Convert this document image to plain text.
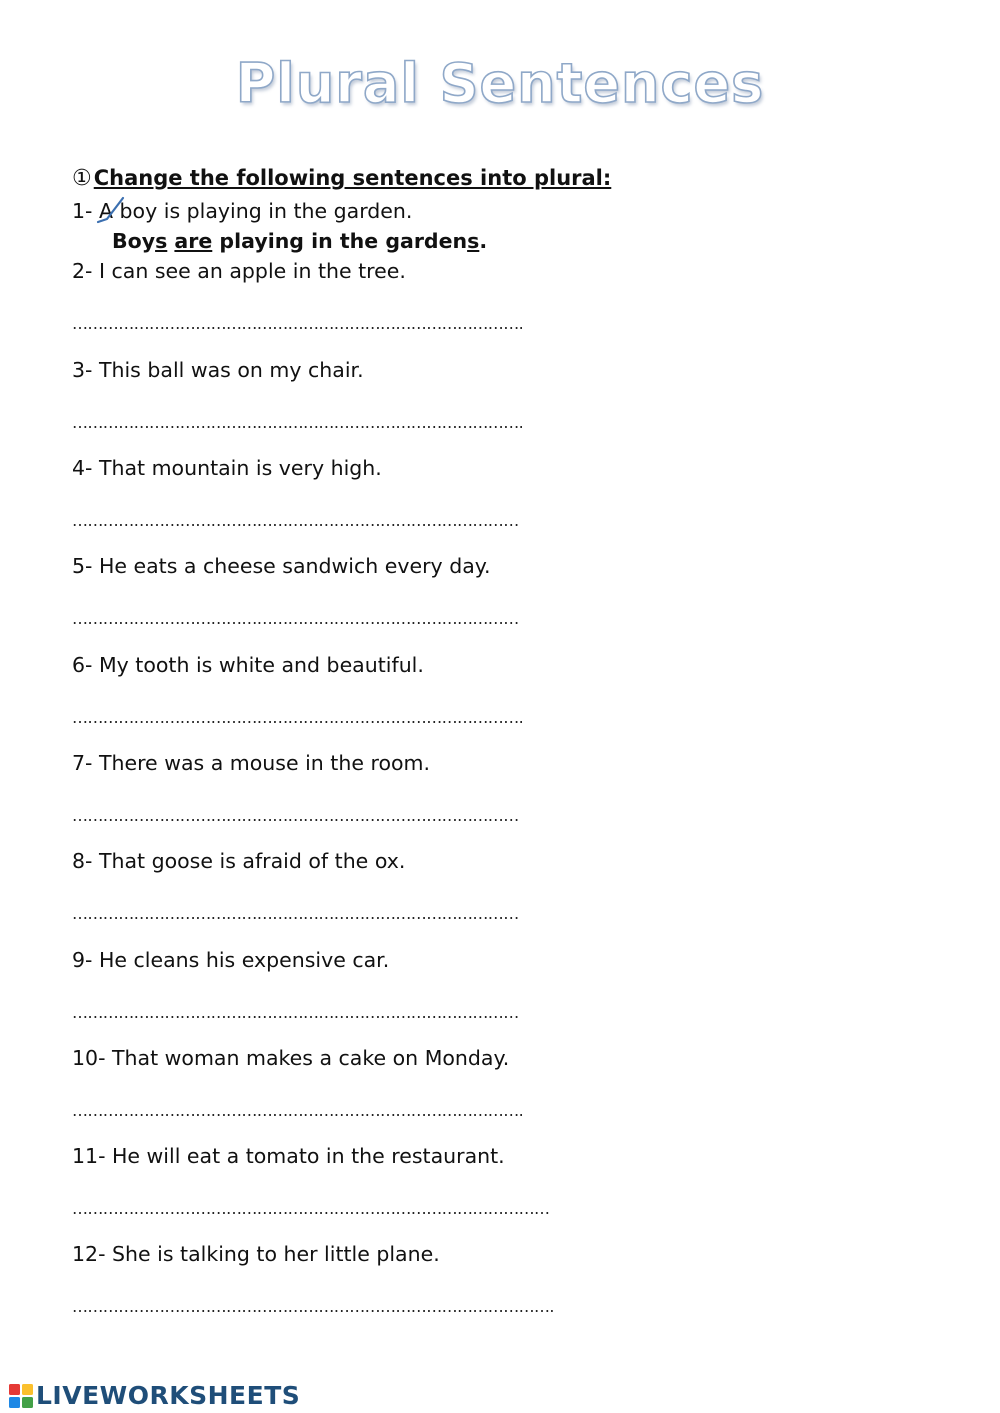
Plural Sentences
①Change the following sentences into plural:
1- A boy is playing in the garden.
Boys are playing in the gardens.
2- I can see an apple in the tree.
…………………………………………………………………………….
3- This ball was on my chair.
…………………………………………………………………………….
4- That mountain is very high.
……………………………………………………………………………
5- He eats a cheese sandwich every day.
……………………………………………………………………………
6- My tooth is white and beautiful.
…………………………………………………………………………….
7- There was a mouse in the room.
……………………………………………………………………………
8- That goose is afraid of the ox.
……………………………………………………………………………
9- He cleans his expensive car.
……………………………………………………………………………
10- That woman makes a cake on Monday.
…………………………………………………………………………….
11- He will eat a tomato in the restaurant.
…………………………………………………………………………………
12- She is talking to her little plane.
………………………………………………………………………………….
LIVEWORKSHEETS
